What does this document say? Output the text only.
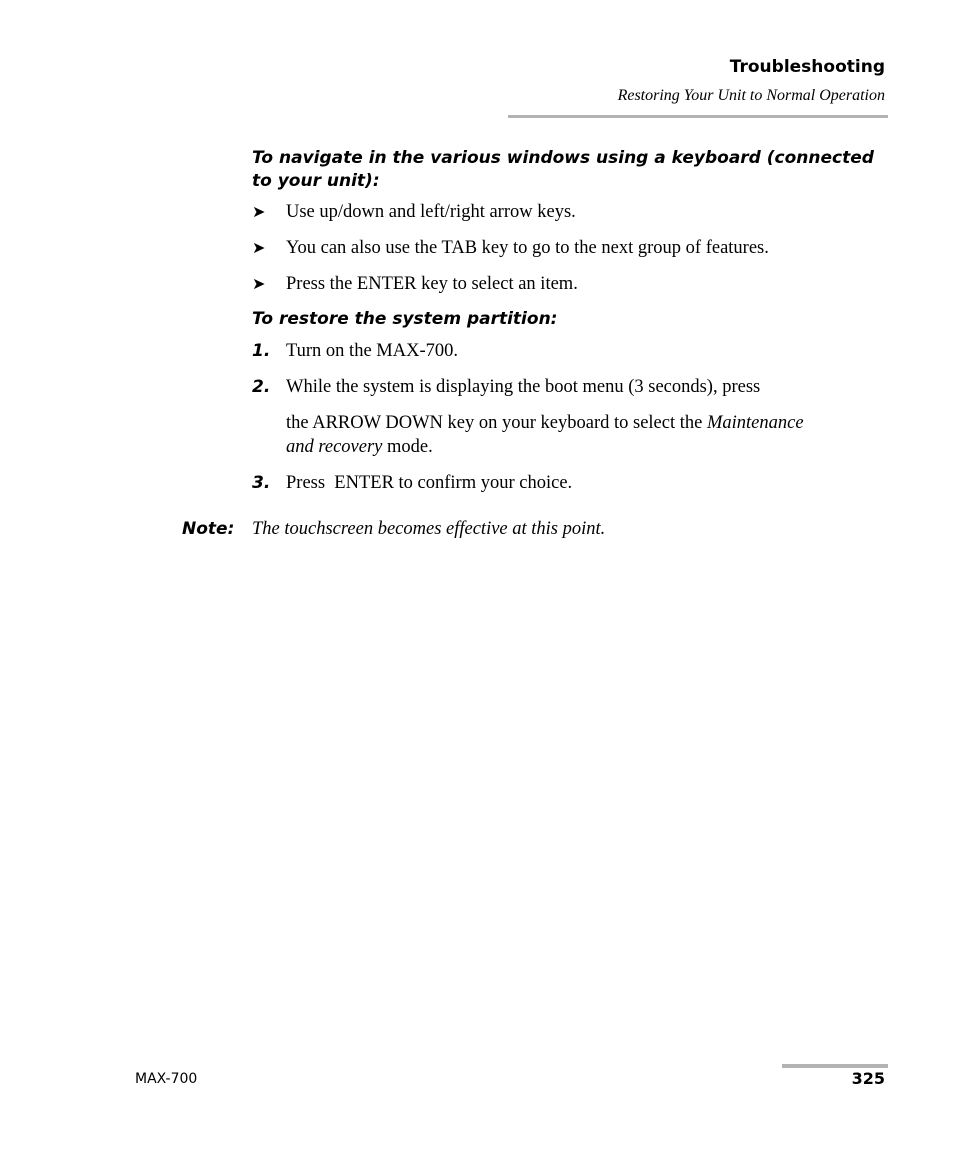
Troubleshooting
Restoring Your Unit to Normal Operation
To navigate in the various windows using a keyboard (connected to your unit):
➤ Use up/down and left/right arrow keys.
➤ You can also use the TAB key to go to the next group of features.
➤ Press the ENTER key to select an item.
To restore the system partition:
1. Turn on the MAX-700.
2. While the system is displaying the boot menu (3 seconds), press
the ARROW DOWN key on your keyboard to select the Maintenance
and recovery mode.
3. Press  ENTER to confirm your choice.
Note: The touchscreen becomes effective at this point.
MAX-700	325
